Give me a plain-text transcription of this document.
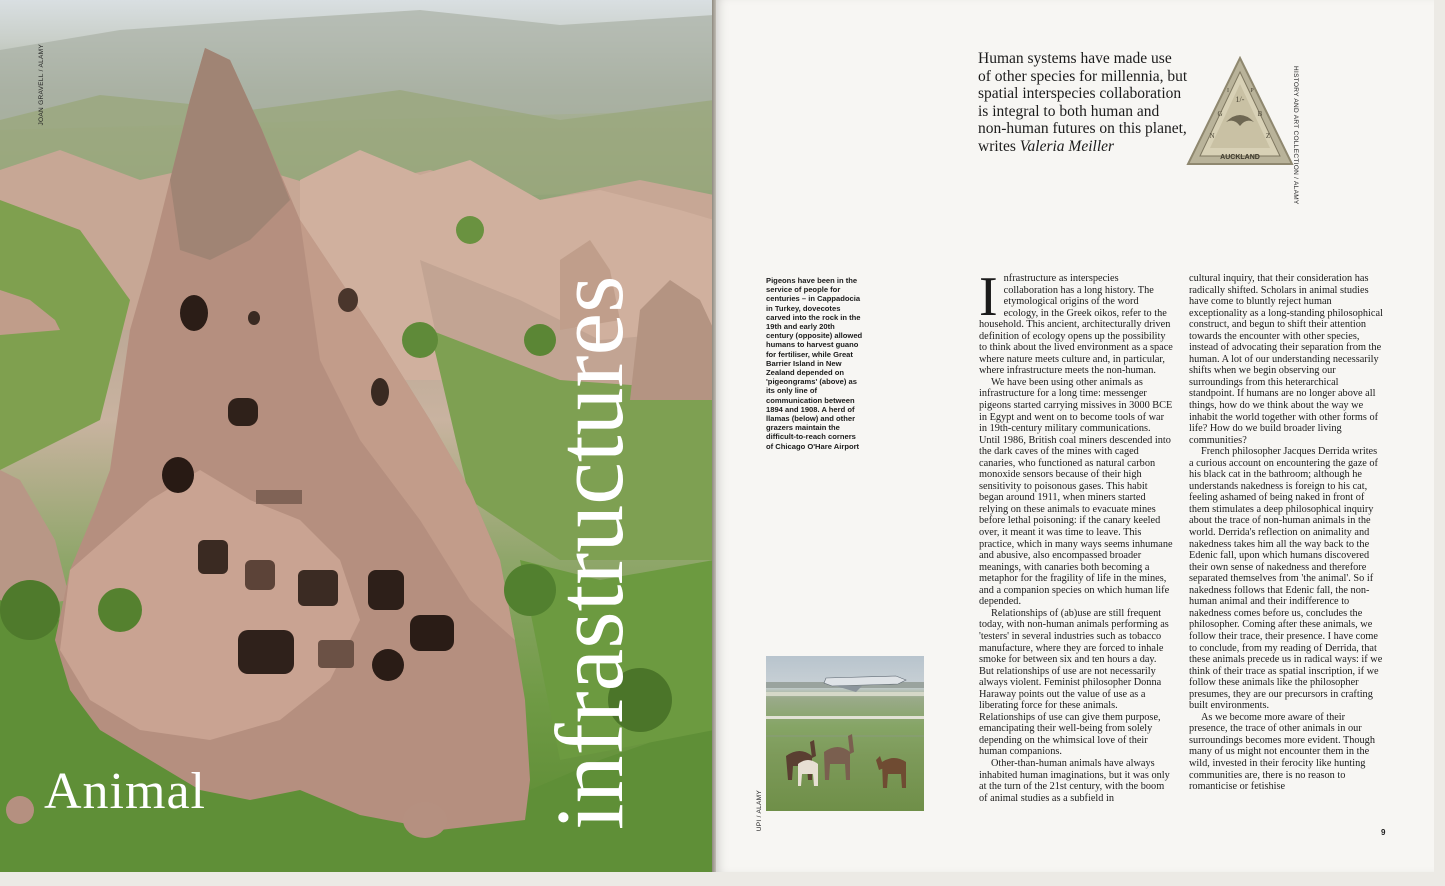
JOAN GRAVELL / ALAMY
infrastructures
Animal
Human systems have made use of other species for millennia, but spatial interspecies collaboration is integral to both human and non-human futures on this planet, writes Valeria Meiller
1/-
N	Z
G	B
I	P
AUCKLAND	HISTORY AND ART COLLECTION / ALAMY
Pigeons have been in the service of people for centuries – in Cappadocia in Turkey, dovecotes carved into the rock in the 19th and early 20th century (opposite) allowed humans to harvest guano for fertiliser, while Great Barrier Island in New Zealand depended on 'pigeongrams' (above) as its only line of communication between 1894 and 1908. A herd of llamas (below) and other grazers maintain the difficult-to-reach corners of Chicago O'Hare Airport
UPI / ALAMY

Infrastructure as interspecies collaboration has a long history. The etymological origins of the word ecology, in the Greek oikos, refer to the household. This ancient, architecturally driven definition of ecology opens up the possibility to think about the lived environment as a space where nature meets culture and, in particular, where infrastructure meets the non-human.

We have been using other animals as infrastructure for a long time: messenger pigeons started carrying missives in 3000 BCE in Egypt and went on to become tools of war in 19th-century military communications. Until 1986, British coal miners descended into the dark caves of the mines with caged canaries, who functioned as natural carbon monoxide sensors because of their high sensitivity to poisonous gases. This habit began around 1911, when miners started relying on these animals to evacuate mines before lethal poisoning: if the canary keeled over, it meant it was time to leave. This practice, which in many ways seems inhumane and abusive, also encompassed broader meanings, with canaries both becoming a metaphor for the fragility of life in the mines, and a companion species on which human life depended.

Relationships of (ab)use are still frequent today, with non-human animals performing as 'testers' in several industries such as tobacco manufacture, where they are forced to inhale smoke for between six and ten hours a day. But relationships of use are not necessarily always violent. Feminist philosopher Donna Haraway points out the value of use as a liberating force for these animals. Relationships of use can give them purpose, emancipating their well-being from solely depending on the whimsical love of their human companions.

Other-than-human animals have always inhabited human imaginations, but it was only at the turn of the 21st century, with the boom of animal studies as a subfield in

cultural inquiry, that their consideration has radically shifted. Scholars in animal studies have come to bluntly reject human exceptionality as a long-standing philosophical construct, and begun to shift their attention towards the encounter with other species, instead of advocating their separation from the human. A lot of our understanding necessarily shifts when we begin observing our surroundings from this heterarchical standpoint. If humans are no longer above all things, how do we think about the way we inhabit the world together with other forms of life? How do we build broader living communities?

French philosopher Jacques Derrida writes a curious account on encountering the gaze of his black cat in the bathroom; although he understands nakedness is foreign to his cat, feeling ashamed of being naked in front of them stimulates a deep philosophical inquiry about the trace of non-human animals in the world. Derrida's reflection on animality and nakedness takes him all the way back to the Edenic fall, upon which humans discovered their own sense of nakedness and therefore separated themselves from 'the animal'. So if nakedness follows that Edenic fall, the non-human animal and their indifference to nakedness comes before us, concludes the philosopher. Coming after these animals, we follow their trace, their presence. I have come to conclude, from my reading of Derrida, that these animals precede us in radical ways: if we think of their trace as spatial inscription, if we follow these animals like the philosopher presumes, they are our precursors in crafting built environments.

As we become more aware of their presence, the trace of other animals in our surroundings becomes more evident. Though many of us might not encounter them in the wild, invested in their ferocity like hunting communities are, there is no reason to romanticise or fetishise

9
